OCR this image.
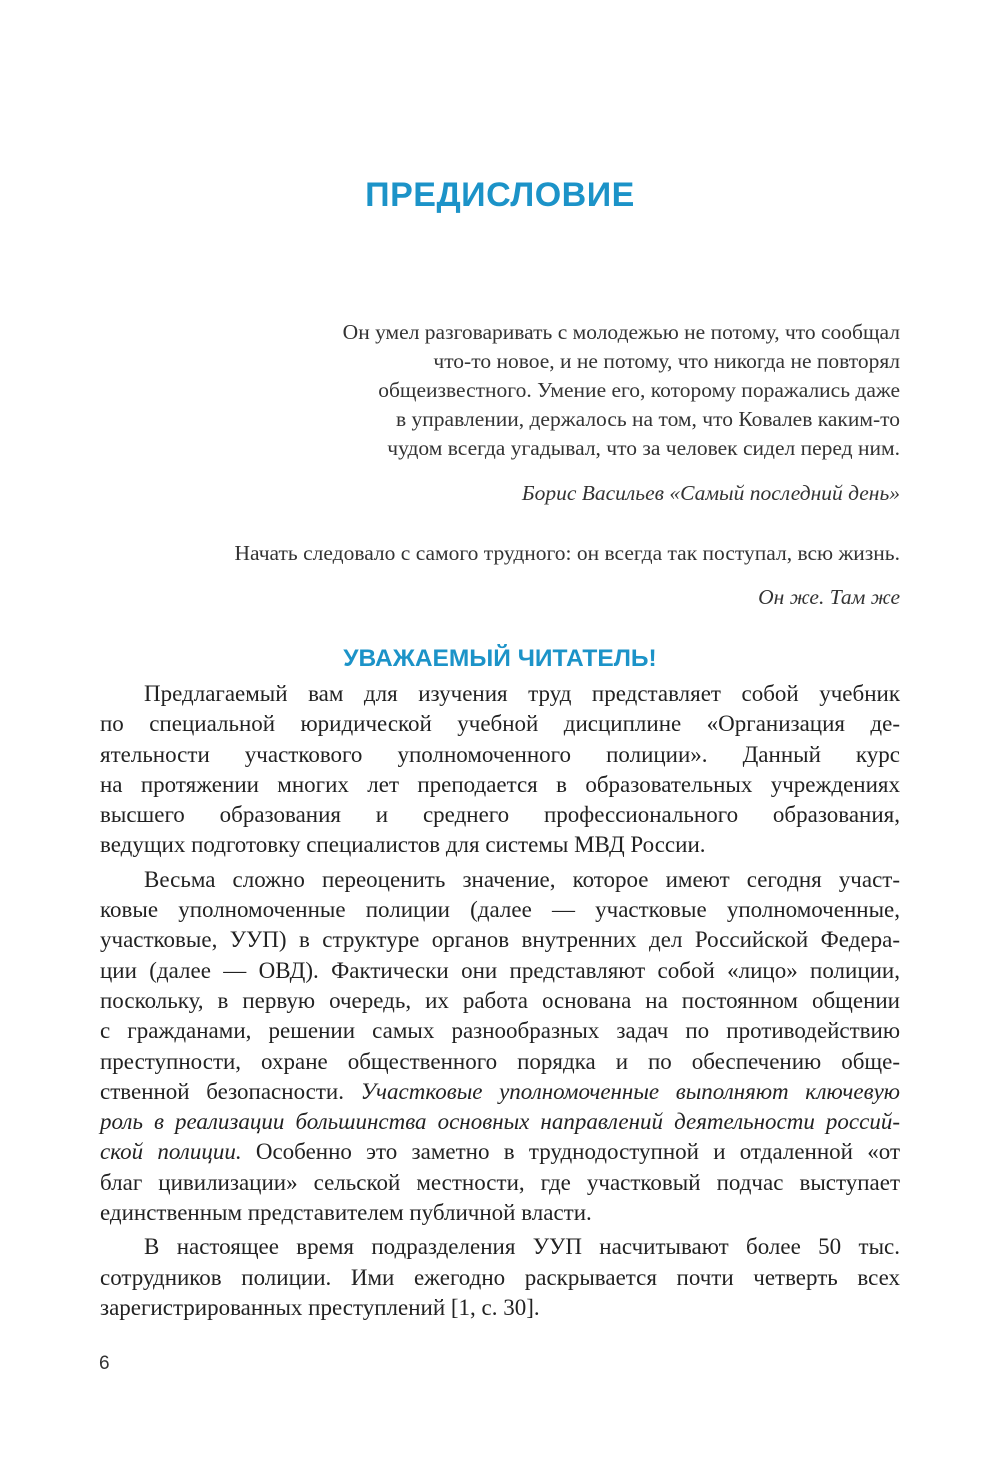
ПРЕДИСЛОВИЕ

Он умел разговаривать с молодежью не потому, что сообщал
что-то новое, и не потому, что никогда не повторял
общеизвестного. Умение его, которому поражались даже
в управлении, держалось на том, что Ковалев каким-то
чудом всегда угадывал, что за человек сидел перед ним.

Борис Васильев «Самый последний день»

Начать следовало с самого трудного: он всегда так поступал, всю жизнь.

Он же. Там же
УВАЖАЕМЫЙ ЧИТАТЕЛЬ!
Предлагаемый вам для изучения труд представляет собой учебник
по специальной юридической учебной дисциплине «Организация де-
ятельности участкового уполномоченного полиции». Данный курс
на протяжении многих лет преподается в образовательных учреждениях
высшего образования и среднего профессионального образования,
ведущих подготовку специалистов для системы МВД России.
Весьма сложно переоценить значение, которое имеют сегодня участ-
ковые уполномоченные полиции (далее — участковые уполномоченные,
участковые, УУП) в структуре органов внутренних дел Российской Федера-
ции (далее — ОВД). Фактически они представляют собой «лицо» полиции,
поскольку, в первую очередь, их работа основана на постоянном общении
с гражданами, решении самых разнообразных задач по противодействию
преступности, охране общественного порядка и по обеспечению обще-
ственной безопасности. Участковые уполномоченные выполняют ключевую
роль в реализации большинства основных направлений деятельности россий-
ской полиции. Особенно это заметно в труднодоступной и отдаленной «от
благ цивилизации» сельской местности, где участковый подчас выступает
единственным представителем публичной власти.
В настоящее время подразделения УУП насчитывают более 50 тыс.
сотрудников полиции. Ими ежегодно раскрывается почти четверть всех
зарегистрированных преступлений [1, с. 30].
6
